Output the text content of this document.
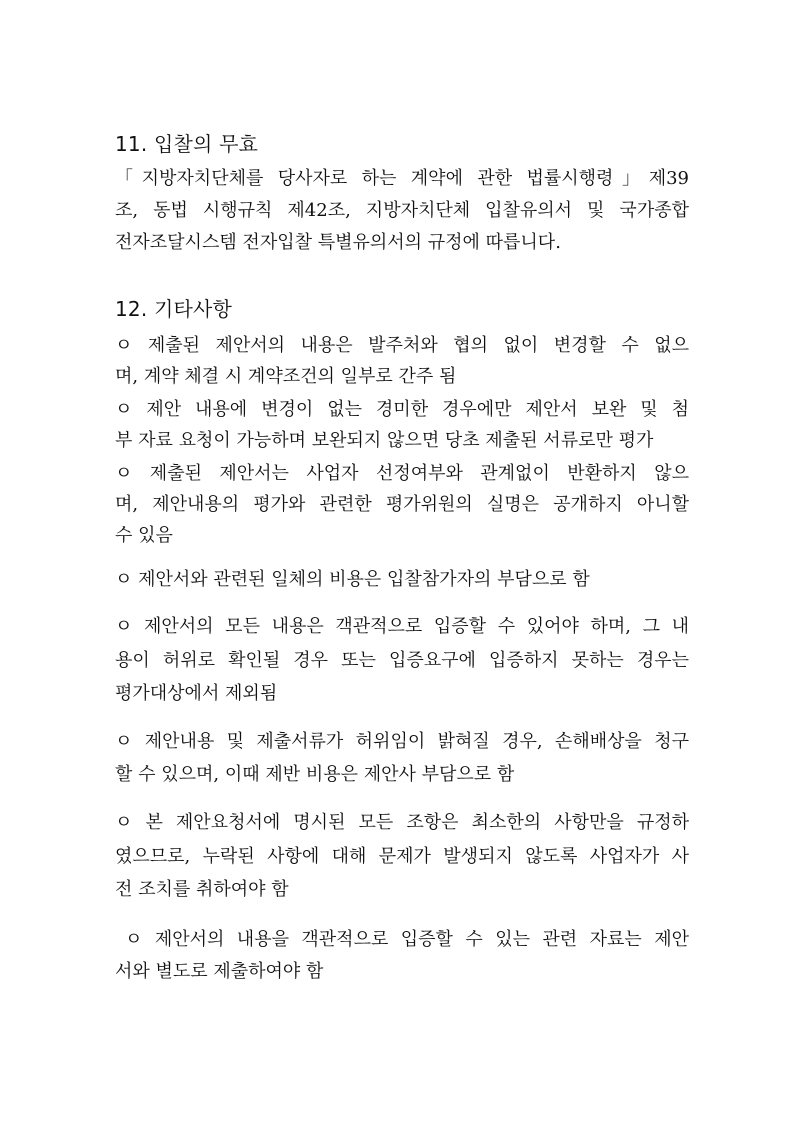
11. 입찰의 무효
「지방자치단체를 당사자로 하는 계약에 관한 법률시행령」제39
조, 동법 시행규칙 제42조, 지방자치단체 입찰유의서 및 국가종합
전자조달시스템 전자입찰 특별유의서의 규정에 따릅니다.
12. 기타사항
ㅇ 제출된 제안서의 내용은 발주처와 협의 없이 변경할 수 없으
며, 계약 체결 시 계약조건의 일부로 간주 됨
ㅇ 제안 내용에 변경이 없는 경미한 경우에만 제안서 보완 및 첨
부 자료 요청이 가능하며 보완되지 않으면 당초 제출된 서류로만 평가
ㅇ 제출된 제안서는 사업자 선정여부와 관계없이 반환하지 않으
며, 제안내용의 평가와 관련한 평가위원의 실명은 공개하지 아니할
수 있음
ㅇ 제안서와 관련된 일체의 비용은 입찰참가자의 부담으로 함
ㅇ 제안서의 모든 내용은 객관적으로 입증할 수 있어야 하며, 그 내
용이 허위로 확인될 경우 또는 입증요구에 입증하지 못하는 경우는
평가대상에서 제외됨
ㅇ 제안내용 및 제출서류가 허위임이 밝혀질 경우, 손해배상을 청구
할 수 있으며, 이때 제반 비용은 제안사 부담으로 함
ㅇ 본 제안요청서에 명시된 모든 조항은 최소한의 사항만을 규정하
였으므로, 누락된 사항에 대해 문제가 발생되지 않도록 사업자가 사
전 조치를 취하여야 함
ㅇ 제안서의 내용을 객관적으로 입증할 수 있는 관련 자료는 제안
서와 별도로 제출하여야 함
